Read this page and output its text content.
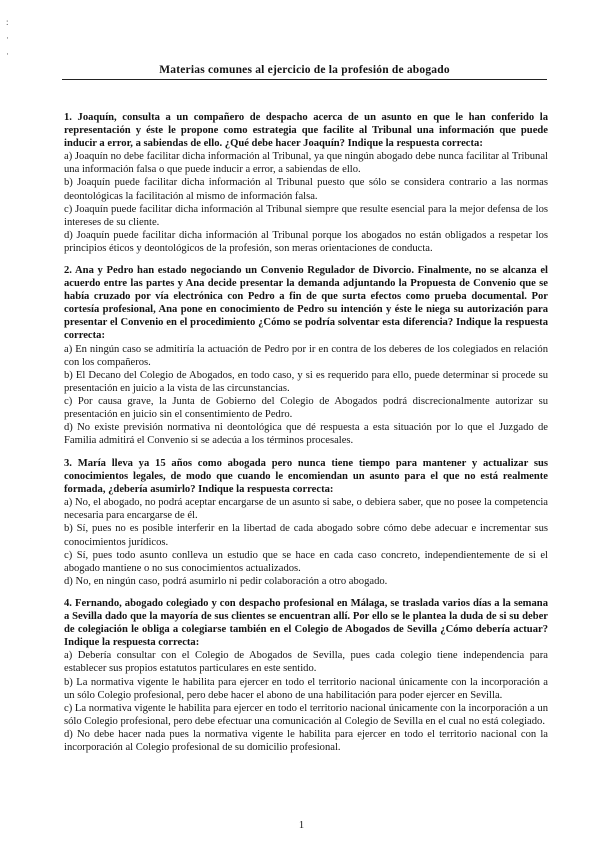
:
·
·
Materias comunes al ejercicio de la profesión de abogado
1. Joaquín, consulta a un compañero de despacho acerca de un asunto en que le han conferido la representación y éste le propone como estrategia que facilite al Tribunal una información que puede inducir a error, a sabiendas de ello. ¿Qué debe hacer Joaquín? Indique la respuesta correcta:
a) Joaquín no debe facilitar dicha información al Tribunal, ya que ningún abogado debe nunca facilitar al Tribunal una información falsa o que puede inducir a error, a sabiendas de ello.
b) Joaquín puede facilitar dicha información al Tribunal puesto que sólo se considera contrario a las normas deontológicas la facilitación al mismo de información falsa.
c) Joaquín puede facilitar dicha información al Tribunal siempre que resulte esencial para la mejor defensa de los intereses de su cliente.
d) Joaquín puede facilitar dicha información al Tribunal porque los abogados no están obligados a respetar los principios éticos y deontológicos de la profesión, son meras orientaciones de conducta.
2. Ana y Pedro han estado negociando un Convenio Regulador de Divorcio. Finalmente, no se alcanza el acuerdo entre las partes y Ana decide presentar la demanda adjuntando la Propuesta de Convenio que se había cruzado por vía electrónica con Pedro a fin de que surta efectos como prueba documental. Por cortesía profesional, Ana pone en conocimiento de Pedro su intención y éste le niega su autorización para presentar el Convenio en el procedimiento ¿Cómo se podría solventar esta diferencia? Indique la respuesta correcta:
a) En ningún caso se admitiría la actuación de Pedro por ir en contra de los deberes de los colegiados en relación con los compañeros.
b) El Decano del Colegio de Abogados, en todo caso, y si es requerido para ello, puede determinar si procede su presentación en juicio a la vista de las circunstancias.
c) Por causa grave, la Junta de Gobierno del Colegio de Abogados podrá discrecionalmente autorizar su presentación en juicio sin el consentimiento de Pedro.
d) No existe previsión normativa ni deontológica que dé respuesta a esta situación por lo que el Juzgado de Familia admitirá el Convenio si se adecúa a los términos procesales.
3. María lleva ya 15 años como abogada pero nunca tiene tiempo para mantener y actualizar sus conocimientos legales, de modo que cuando le encomiendan un asunto para el que no está realmente formada, ¿debería asumirlo? Indique la respuesta correcta:
a) No, el abogado, no podrá aceptar encargarse de un asunto si sabe, o debiera saber, que no posee la competencia necesaria para encargarse de él.
b) Sí, pues no es posible interferir en la libertad de cada abogado sobre cómo debe adecuar e incrementar sus conocimientos jurídicos.
c) Sí, pues todo asunto conlleva un estudio que se hace en cada caso concreto, independientemente de si el abogado mantiene o no sus conocimientos actualizados.
d) No, en ningún caso, podrá asumirlo ni pedir colaboración a otro abogado.
4. Fernando, abogado colegiado y con despacho profesional en Málaga, se traslada varios días a la semana a Sevilla dado que la mayoría de sus clientes se encuentran allí. Por ello se le plantea la duda de si su deber de colegiación le obliga a colegiarse también en el Colegio de Abogados de Sevilla ¿Cómo debería actuar? Indique la respuesta correcta:
a) Debería consultar con el Colegio de Abogados de Sevilla, pues cada colegio tiene independencia para establecer sus propios estatutos particulares en este sentido.
b) La normativa vigente le habilita para ejercer en todo el territorio nacional únicamente con la incorporación a un sólo Colegio profesional, pero debe hacer el abono de una habilitación para poder ejercer en Sevilla.
c) La normativa vigente le habilita para ejercer en todo el territorio nacional únicamente con la incorporación a un sólo Colegio profesional, pero debe efectuar una comunicación al Colegio de Sevilla en el cual no está colegiado.
d) No debe hacer nada pues la normativa vigente le habilita para ejercer en todo el territorio nacional con la incorporación al Colegio profesional de su domicilio profesional.
1
